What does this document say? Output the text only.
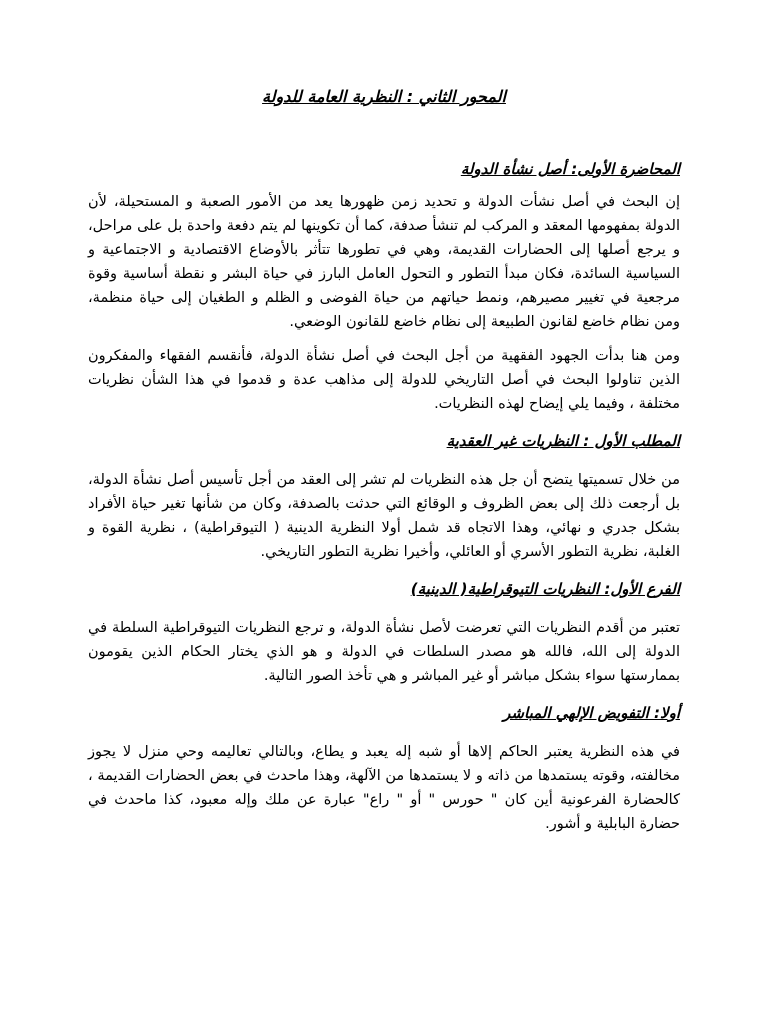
المحور الثاني : النظرية العامة للدولة
المحاضرة الأولى: أصل نشأة الدولة

إن البحث في أصل نشأت الدولة و تحديد زمن ظهورها يعد من الأمور الصعبة و المستحيلة، لأن الدولة بمفهومها المعقد و المركب لم تنشأ صدفة، كما أن تكوينها لم يتم دفعة واحدة بل على مراحل، و يرجع أصلها إلى الحضارات القديمة، وهي في تطورها تتأثر بالأوضاع الاقتصادية و الاجتماعية و السياسية السائدة، فكان مبدأ التطور و التحول العامل البارز في حياة البشر و نقطة أساسية وقوة مرجعية في تغيير مصيرهم، ونمط حياتهم من حياة الفوضى و الظلم و الطغيان إلى حياة منظمة، ومن نظام خاضع لقانون الطبيعة إلى نظام خاضع للقانون الوضعي.

ومن هنا بدأت الجهود الفقهية من أجل البحث في أصل نشأة الدولة، فأنقسم الفقهاء والمفكرون الذين تناولوا البحث في أصل التاريخي للدولة إلى مذاهب عدة و قدموا في هذا الشأن نظريات مختلفة ، وفيما يلي إيضاح لهذه النظريات.

المطلب الأول : النظريات غير العقدية

من خلال تسميتها يتضح أن جل هذه النظريات لم تشر إلى العقد من أجل تأسيس أصل نشأة الدولة، بل أرجعت ذلك إلى بعض الظروف و الوقائع التي حدثت بالصدفة، وكان من شأنها تغير حياة الأفراد بشكل جدري و نهائي، وهذا الاتجاه قد شمل أولا النظرية الدينية ( التيوقراطية) ، نظرية القوة و الغلبة، نظرية التطور الأسري أو العائلي، وأخيرا نظرية التطور التاريخي.

الفرع الأول: النظريات التيوقراطية( الدينية)

تعتبر من أقدم النظريات التي تعرضت لأصل نشأة الدولة، و ترجع النظريات التيوقراطية السلطة في الدولة إلى الله، فالله هو مصدر السلطات في الدولة و هو الذي يختار الحكام الذين يقومون بممارستها سواء بشكل مباشر أو غير المباشر و هي تأخذ الصور التالية.

أولا: التفويض الإلهي المباشر

في هذه النظرية يعتبر الحاكم إلاها أو شبه إله يعبد و يطاع، وبالتالي تعاليمه وحي منزل لا يجوز مخالفته، وقوته يستمدها من ذاته و لا يستمدها من الآلهة، وهذا ماحدث في بعض الحضارات القديمة ، كالحضارة الفرعونية أين كان " حورس " أو " راع" عبارة عن ملك وإله معبود، كذا ماحدث في حضارة البابلية و أشور.
